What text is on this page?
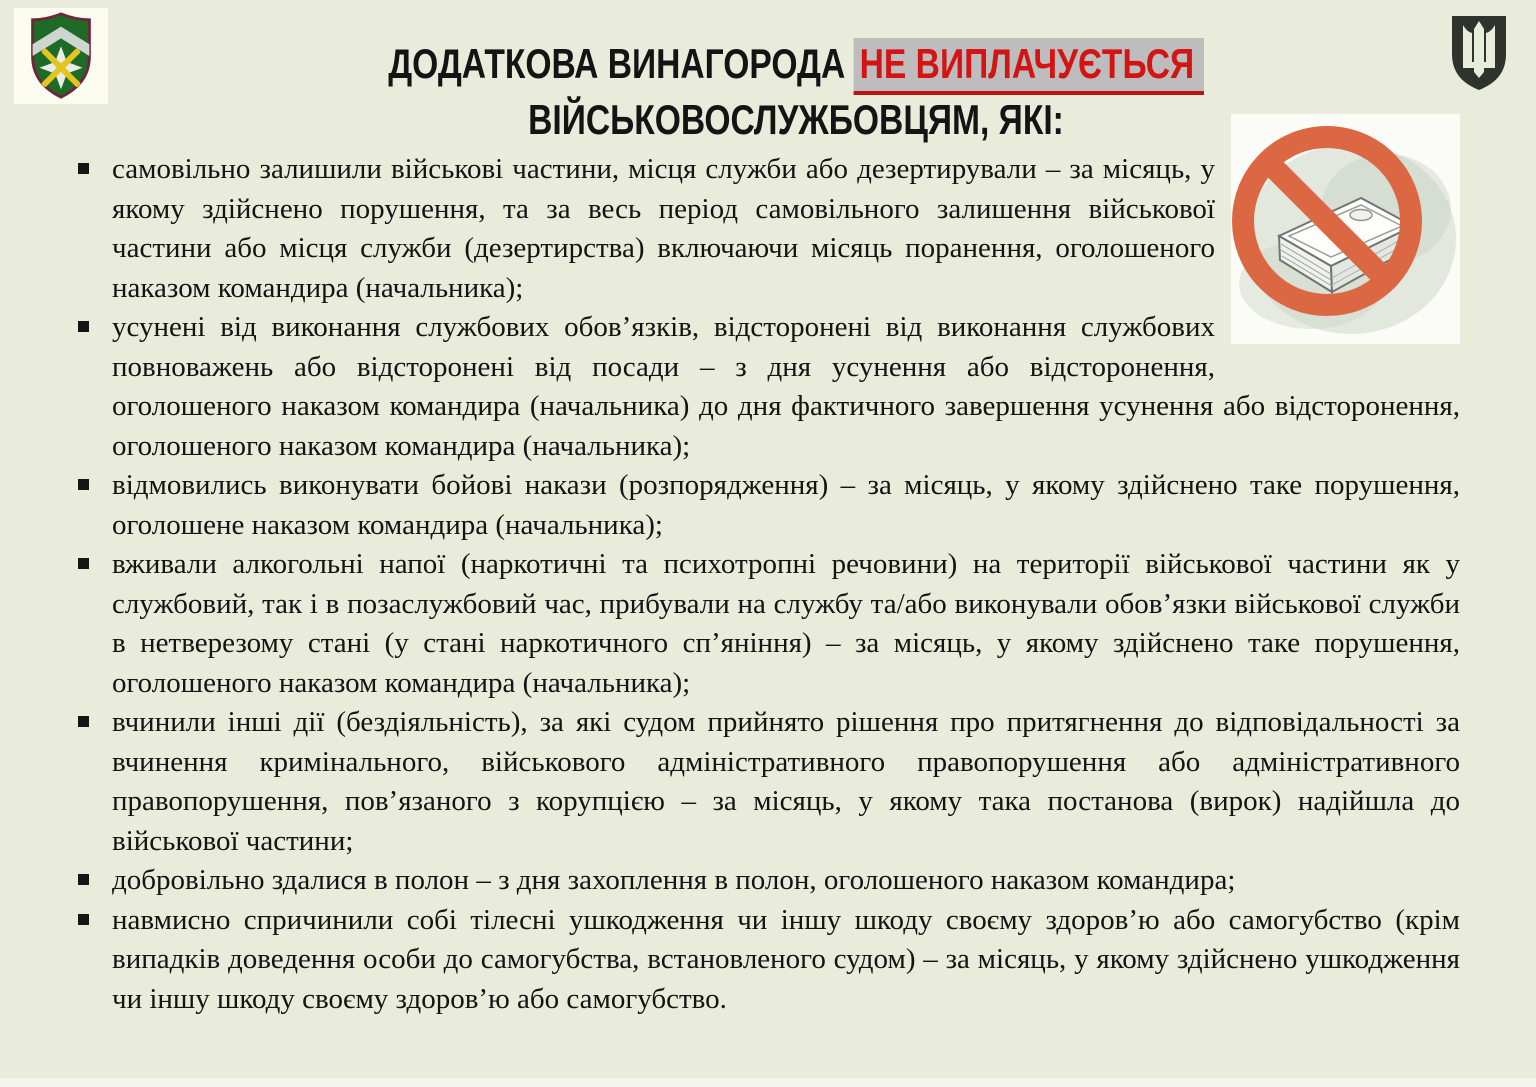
ДОДАТКОВА ВИНАГОРОДА НЕ ВИПЛАЧУЄТЬСЯ
ВІЙСЬКОВОСЛУЖБОВЦЯМ, ЯКІ:
самовільно залишили військові частини, місця служби або дезертирували – за місяць, у якому здійснено порушення, та за весь період самовільного залишення військової частини або місця служби (дезертирства) включаючи місяць поранення, оголошеного наказом командира (начальника);
усунені від виконання службових обов’язків, відсторонені від виконання службових повноважень або відсторонені від посади – з дня усунення або відсторонення, оголошеного наказом командира (начальника) до дня фактичного завершення усунення або відсторонення, оголошеного наказом командира (начальника);
відмовились виконувати бойові накази (розпорядження) – за місяць, у якому здійснено таке порушення, оголошене наказом командира (начальника);
вживали алкогольні напої (наркотичні та психотропні речовини) на території військової частини як у службовий, так і в позаслужбовий час, прибували на службу та/або виконували обов’язки військової служби в нетверезому стані (у стані наркотичного сп’яніння) – за місяць, у якому здійснено таке порушення, оголошеного наказом командира (начальника);
вчинили інші дії (бездіяльність), за які судом прийнято рішення про притягнення до відповідальності за вчинення кримінального, військового адміністративного правопорушення або адміністративного правопорушення, пов’язаного з корупцією – за місяць, у якому така постанова (вирок) надійшла до військової частини;
добровільно здалися в полон – з дня захоплення в полон, оголошеного наказом командира;
навмисно спричинили собі тілесні ушкодження чи іншу шкоду своєму здоров’ю або самогубство (крім випадків доведення особи до самогубства, встановленого судом) – за місяць, у якому здійснено ушкодження чи іншу шкоду своєму здоров’ю або самогубство.
